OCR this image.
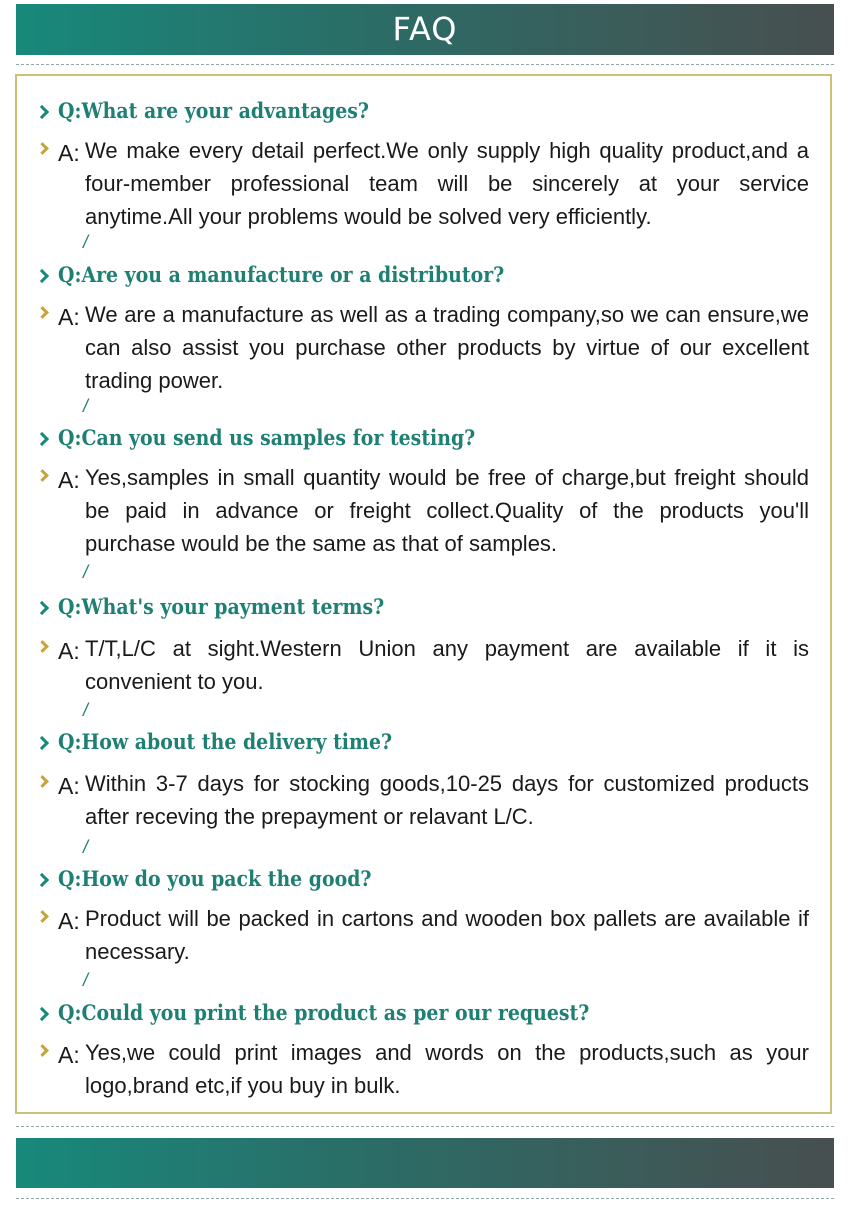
FAQ
Q:What are your advantages?
A: We make every detail perfect.We only supply high quality product,and a four-member professional team will be sincerely at your service anytime.All your problems would be solved very efficiently.
/
Q:Are you a manufacture or a distributor?
A: We are a manufacture as well as a trading company,so we can ensure,we can also assist you purchase other products by virtue of our excellent trading power.
/
Q:Can you send us samples for testing?
A: Yes,samples in small quantity would be free of charge,but freight should be paid in advance or freight collect.Quality of the products you'll purchase would be the same as that of samples.
/
Q:What's your payment terms?
A: T/T,L/C at sight.Western Union any payment are available if it is convenient to you.
/
Q:How about the delivery time?
A: Within 3-7 days for stocking goods,10-25 days for customized products after receving the prepayment or relavant L/C.
/
Q:How do you pack the good?
A: Product will be packed in cartons and wooden box pallets are available if necessary.
/
Q:Could you print the product as per our request?
A: Yes,we could print images and words on the products,such as your logo,brand etc,if you buy in bulk.
